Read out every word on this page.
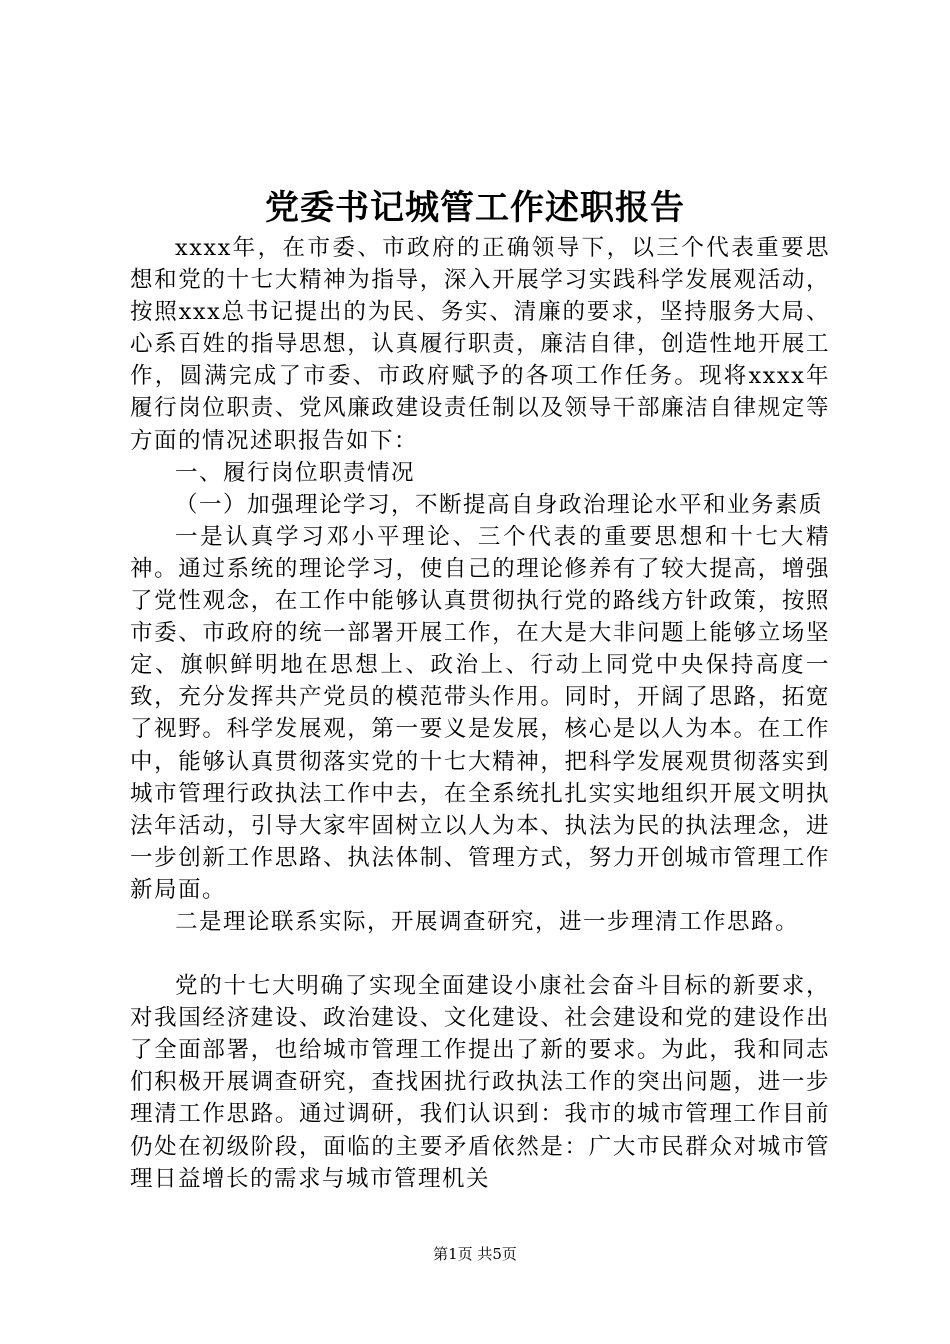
党委书记城管工作述职报告

xxxx年，在市委、市政府的正确领导下，以三个代表重要思想和党的十七大精神为指导，深入开展学习实践科学发展观活动，按照xxx总书记提出的为民、务实、清廉的要求，坚持服务大局、心系百姓的指导思想，认真履行职责，廉洁自律，创造性地开展工作，圆满完成了市委、市政府赋予的各项工作任务。现将xxxx年履行岗位职责、党风廉政建设责任制以及领导干部廉洁自律规定等方面的情况述职报告如下：

一、履行岗位职责情况

（一）加强理论学习，不断提高自身政治理论水平和业务素质

一是认真学习邓小平理论、三个代表的重要思想和十七大精神。通过系统的理论学习，使自己的理论修养有了较大提高，增强了党性观念，在工作中能够认真贯彻执行党的路线方针政策，按照市委、市政府的统一部署开展工作，在大是大非问题上能够立场坚定、旗帜鲜明地在思想上、政治上、行动上同党中央保持高度一致，充分发挥共产党员的模范带头作用。同时，开阔了思路，拓宽了视野。科学发展观，第一要义是发展，核心是以人为本。在工作中，能够认真贯彻落实党的十七大精神，把科学发展观贯彻落实到城市管理行政执法工作中去，在全系统扎扎实实地组织开展文明执法年活动，引导大家牢固树立以人为本、执法为民的执法理念，进一步创新工作思路、执法体制、管理方式，努力开创城市管理工作新局面。

二是理论联系实际，开展调查研究，进一步理清工作思路。

党的十七大明确了实现全面建设小康社会奋斗目标的新要求，对我国经济建设、政治建设、文化建设、社会建设和党的建设作出了全面部署，也给城市管理工作提出了新的要求。为此，我和同志们积极开展调查研究，查找困扰行政执法工作的突出问题，进一步理清工作思路。通过调研，我们认识到：我市的城市管理工作目前仍处在初级阶段，面临的主要矛盾依然是：广大市民群众对城市管理日益增长的需求与城市管理机关

第1页 共5页
